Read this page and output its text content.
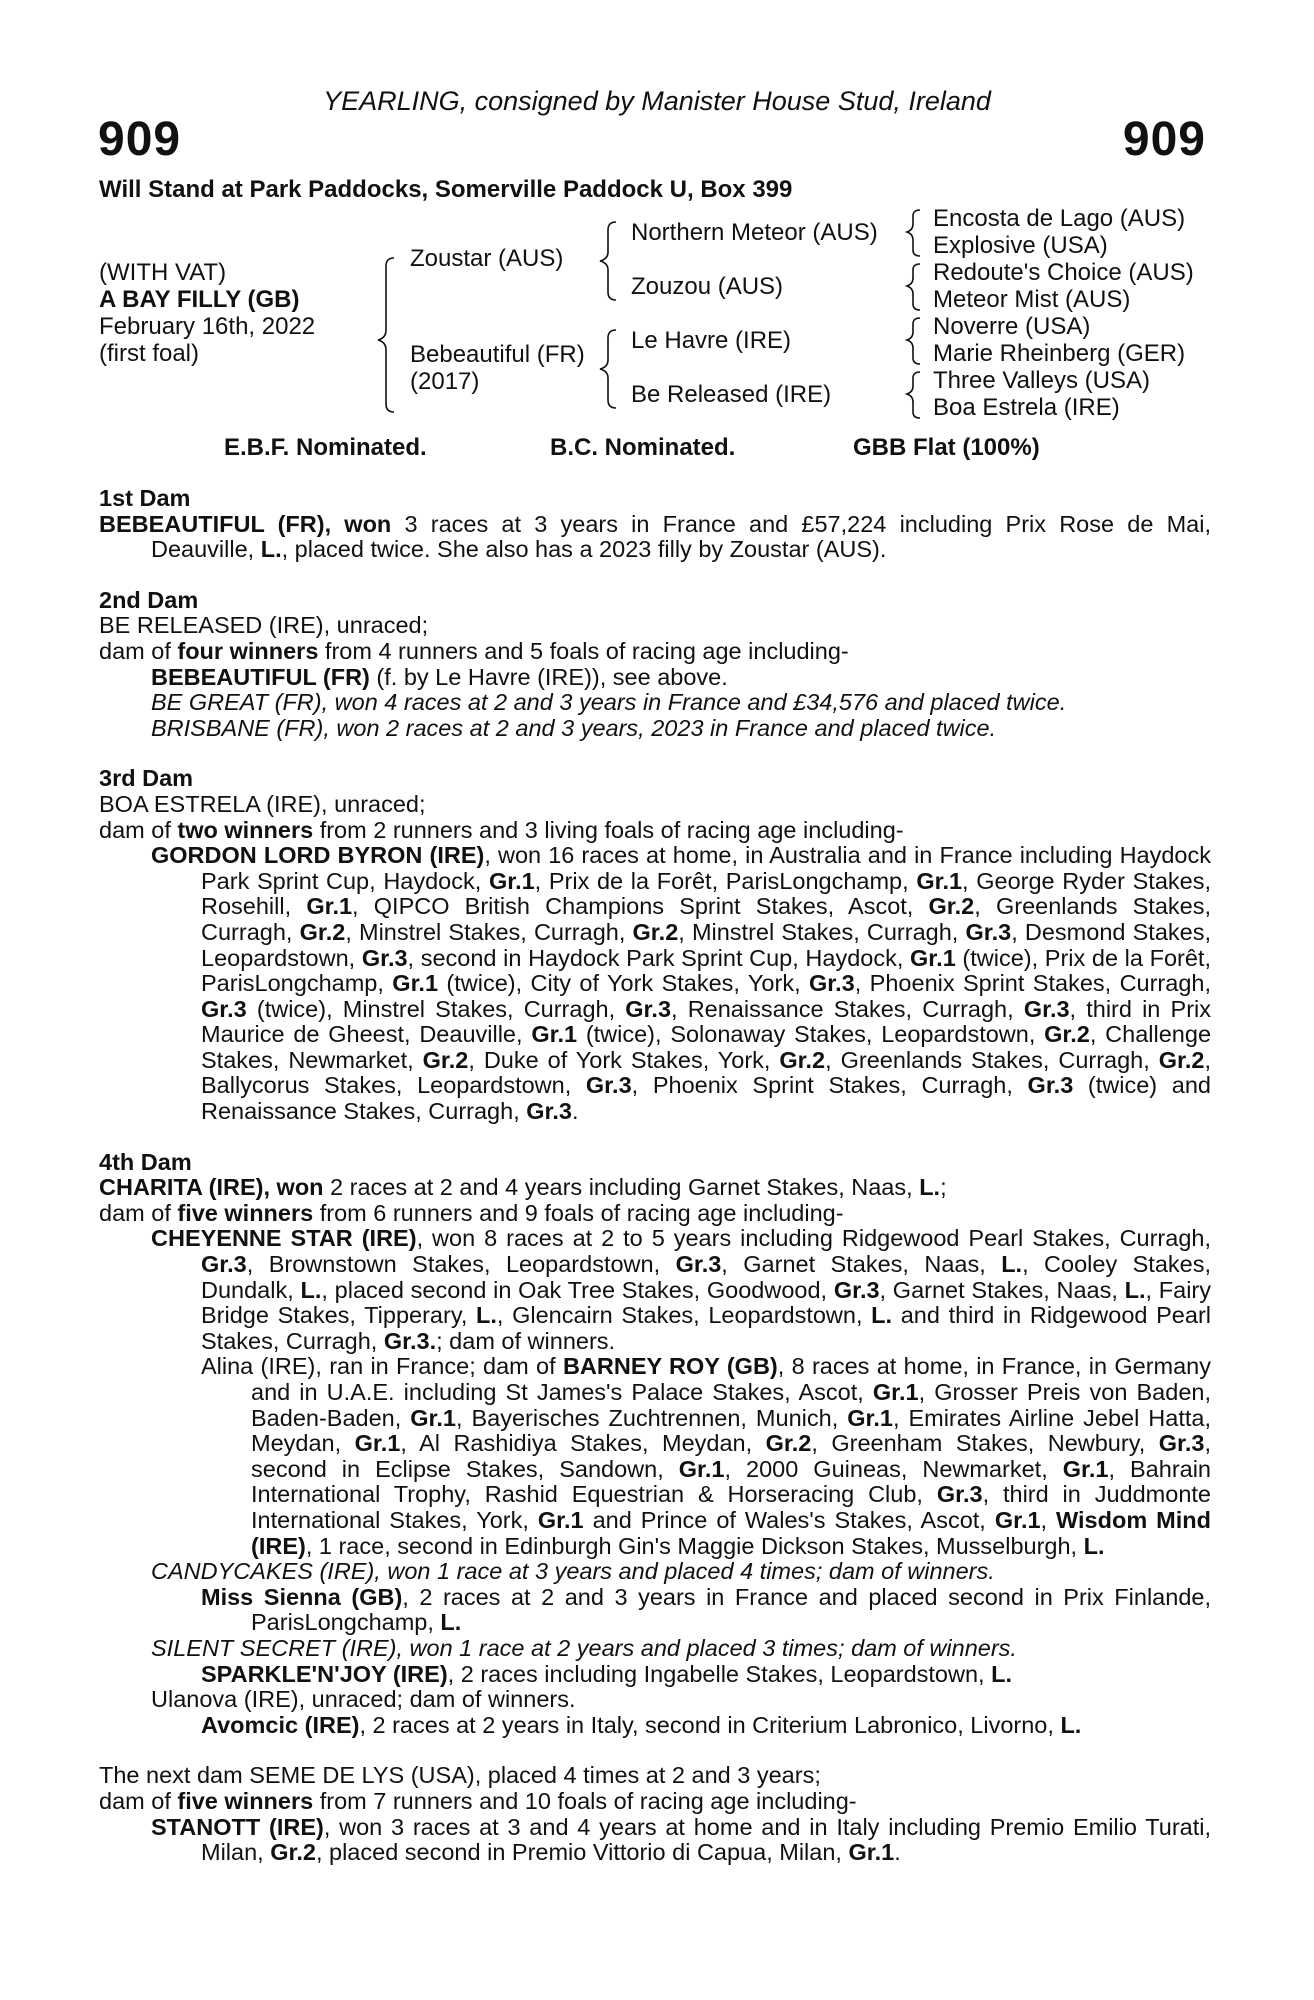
YEARLING, consigned by Manister House Stud, Ireland
909	909
Will Stand at Park Paddocks, Somerville Paddock U, Box 399
(WITH VAT)
A BAY FILLY (GB)
February 16th, 2022
(first foal)
Zoustar (AUS)
Bebeautiful (FR)
(2017)
Northern Meteor (AUS)
Zouzou (AUS)
Le Havre (IRE)
Be Released (IRE)
Encosta de Lago (AUS)
Explosive (USA)
Redoute's Choice (AUS)
Meteor Mist (AUS)
Noverre (USA)
Marie Rheinberg (GER)
Three Valleys (USA)
Boa Estrela (IRE)
E.B.F. Nominated.	B.C. Nominated.	GBB Flat (100%)

1st Dam

BEBEAUTIFUL (FR), won 3 races at 3 years in France and £57,224 including Prix Rose de Mai, Deauville, L., placed twice. She also has a 2023 filly by Zoustar (AUS).

2nd Dam

BE RELEASED (IRE), unraced;

dam of four winners from 4 runners and 5 foals of racing age including-

BEBEAUTIFUL (FR) (f. by Le Havre (IRE)), see above.

BE GREAT (FR), won 4 races at 2 and 3 years in France and £34,576 and placed twice.

BRISBANE (FR), won 2 races at 2 and 3 years, 2023 in France and placed twice.

3rd Dam

BOA ESTRELA (IRE), unraced;

dam of two winners from 2 runners and 3 living foals of racing age including-

GORDON LORD BYRON (IRE), won 16 races at home, in Australia and in France including Haydock Park Sprint Cup, Haydock, Gr.1, Prix de la Forêt, ParisLongchamp, Gr.1, George Ryder Stakes, Rosehill, Gr.1, QIPCO British Champions Sprint Stakes, Ascot, Gr.2, Greenlands Stakes, Curragh, Gr.2, Minstrel Stakes, Curragh, Gr.2, Minstrel Stakes, Curragh, Gr.3, Desmond Stakes, Leopardstown, Gr.3, second in Haydock Park Sprint Cup, Haydock, Gr.1 (twice), Prix de la Forêt, ParisLongchamp, Gr.1 (twice), City of York Stakes, York, Gr.3, Phoenix Sprint Stakes, Curragh, Gr.3 (twice), Minstrel Stakes, Curragh, Gr.3, Renaissance Stakes, Curragh, Gr.3, third in Prix Maurice de Gheest, Deauville, Gr.1 (twice), Solonaway Stakes, Leopardstown, Gr.2, Challenge Stakes, Newmarket, Gr.2, Duke of York Stakes, York, Gr.2, Greenlands Stakes, Curragh, Gr.2, Ballycorus Stakes, Leopardstown, Gr.3, Phoenix Sprint Stakes, Curragh, Gr.3 (twice) and Renaissance Stakes, Curragh, Gr.3.

4th Dam

CHARITA (IRE), won 2 races at 2 and 4 years including Garnet Stakes, Naas, L.;

dam of five winners from 6 runners and 9 foals of racing age including-

CHEYENNE STAR (IRE), won 8 races at 2 to 5 years including Ridgewood Pearl Stakes, Curragh, Gr.3, Brownstown Stakes, Leopardstown, Gr.3, Garnet Stakes, Naas, L., Cooley Stakes, Dundalk, L., placed second in Oak Tree Stakes, Goodwood, Gr.3, Garnet Stakes, Naas, L., Fairy Bridge Stakes, Tipperary, L., Glencairn Stakes, Leopardstown, L. and third in Ridgewood Pearl Stakes, Curragh, Gr.3.; dam of winners.

Alina (IRE), ran in France; dam of BARNEY ROY (GB), 8 races at home, in France, in Germany and in U.A.E. including St James's Palace Stakes, Ascot, Gr.1, Grosser Preis von Baden, Baden-Baden, Gr.1, Bayerisches Zuchtrennen, Munich, Gr.1, Emirates Airline Jebel Hatta, Meydan, Gr.1, Al Rashidiya Stakes, Meydan, Gr.2, Greenham Stakes, Newbury, Gr.3, second in Eclipse Stakes, Sandown, Gr.1, 2000 Guineas, Newmarket, Gr.1, Bahrain International Trophy, Rashid Equestrian & Horseracing Club, Gr.3, third in Juddmonte International Stakes, York, Gr.1 and Prince of Wales's Stakes, Ascot, Gr.1, Wisdom Mind (IRE), 1 race, second in Edinburgh Gin's Maggie Dickson Stakes, Musselburgh, L.

CANDYCAKES (IRE), won 1 race at 3 years and placed 4 times; dam of winners.

Miss Sienna (GB), 2 races at 2 and 3 years in France and placed second in Prix Finlande, ParisLongchamp, L.

SILENT SECRET (IRE), won 1 race at 2 years and placed 3 times; dam of winners.

SPARKLE'N'JOY (IRE), 2 races including Ingabelle Stakes, Leopardstown, L.

Ulanova (IRE), unraced; dam of winners.

Avomcic (IRE), 2 races at 2 years in Italy, second in Criterium Labronico, Livorno, L.

The next dam SEME DE LYS (USA), placed 4 times at 2 and 3 years;

dam of five winners from 7 runners and 10 foals of racing age including-

STANOTT (IRE), won 3 races at 3 and 4 years at home and in Italy including Premio Emilio Turati, Milan, Gr.2, placed second in Premio Vittorio di Capua, Milan, Gr.1.
